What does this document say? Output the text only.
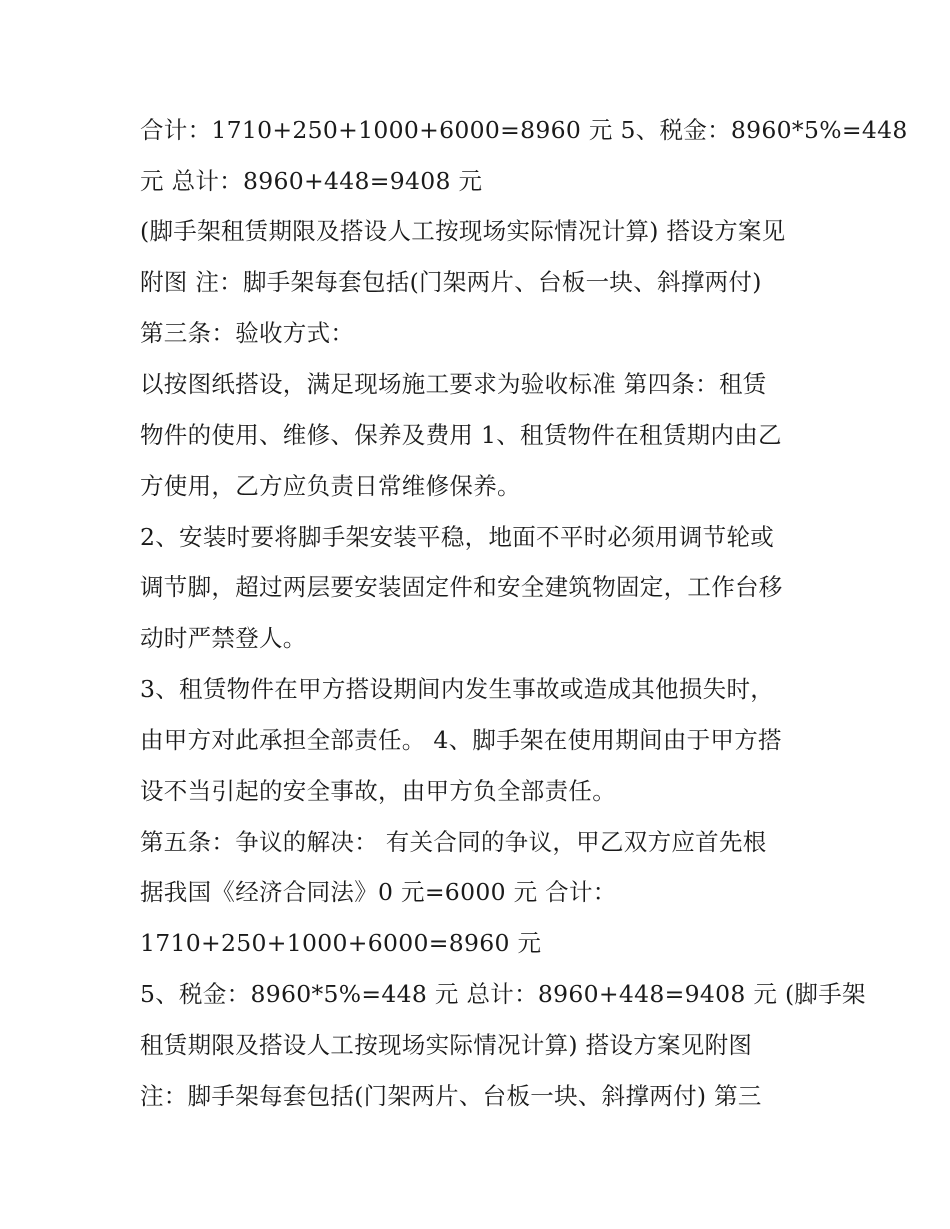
合计：1710+250+1000+6000=8960 元 5、税金：8960*5%=448
元 总计：8960+448=9408 元
(脚手架租赁期限及搭设人工按现场实际情况计算) 搭设方案见
附图 注：脚手架每套包括(门架两片、台板一块、斜撑两付)
第三条：验收方式：
以按图纸搭设，满足现场施工要求为验收标准 第四条：租赁
物件的使用、维修、保养及费用 1、租赁物件在租赁期内由乙
方使用，乙方应负责日常维修保养。
2、安装时要将脚手架安装平稳，地面不平时必须用调节轮或
调节脚，超过两层要安装固定件和安全建筑物固定，工作台移
动时严禁登人。
3、租赁物件在甲方搭设期间内发生事故或造成其他损失时，
由甲方对此承担全部责任。 4、脚手架在使用期间由于甲方搭
设不当引起的安全事故，由甲方负全部责任。
第五条：争议的解决： 有关合同的争议，甲乙双方应首先根
据我国《经济合同法》0 元=6000 元 合计：
1710+250+1000+6000=8960 元
5、税金：8960*5%=448 元 总计：8960+448=9408 元 (脚手架
租赁期限及搭设人工按现场实际情况计算) 搭设方案见附图
注：脚手架每套包括(门架两片、台板一块、斜撑两付) 第三
